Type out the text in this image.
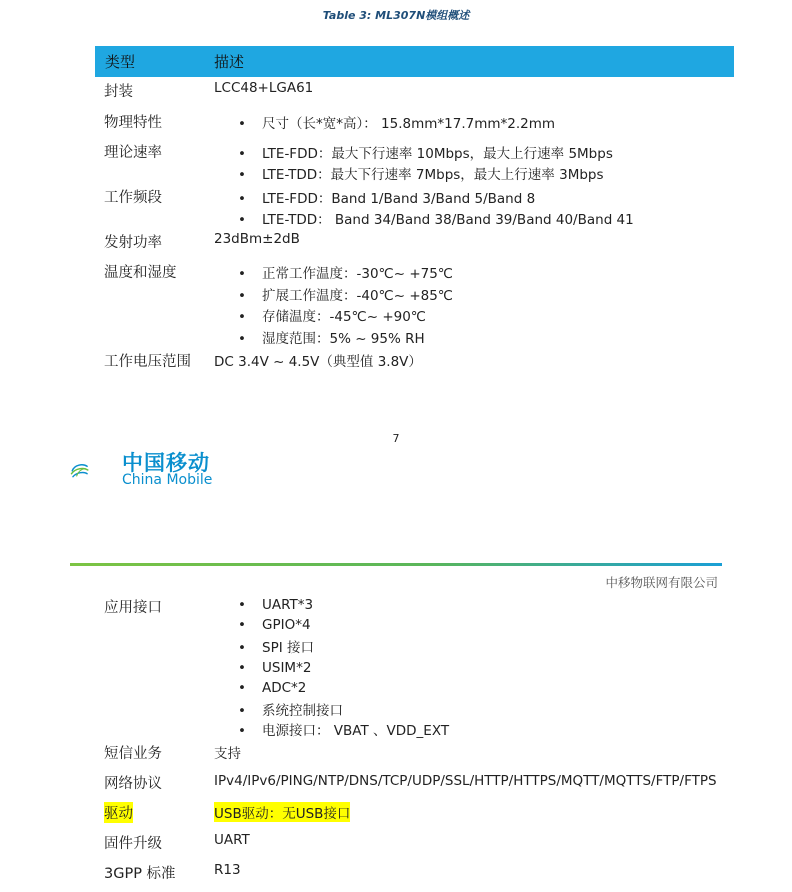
Table 3: ML307N模组概述
类型	描述
封装	LCC48+LGA61
物理特性	• 尺寸（长*宽*高）： 15.8mm*17.7mm*2.2mm
理论速率	• LTE-FDD：最大下行速率 10Mbps，最大上行速率 5Mbps
• LTE-TDD：最大下行速率 7Mbps，最大上行速率 3Mbps
工作频段	• LTE-FDD：Band 1/Band 3/Band 5/Band 8
• LTE-TDD： Band 34/Band 38/Band 39/Band 40/Band 41
发射功率	23dBm±2dB
温度和湿度	• 正常工作温度：-30℃~ +75℃
• 扩展工作温度：-40℃~ +85℃
• 存储温度：-45℃~ +90℃
• 湿度范围：5% ~ 95% RH
工作电压范围 DC 3.4V ~ 4.5V（典型值 3.8V）
7
中国移动
China Mobile
中移物联网有限公司
应用接口	• UART*3
• GPIO*4
• SPI 接口
• USIM*2
• ADC*2
• 系统控制接口
• 电源接口： VBAT 、VDD_EXT
短信业务	支持
网络协议	IPv4/IPv6/PING/NTP/DNS/TCP/UDP/SSL/HTTP/HTTPS/MQTT/MQTTS/FTP/FTPS
驱动	USB驱动：无USB接口
固件升级	UART
3GPP 标准	R13
